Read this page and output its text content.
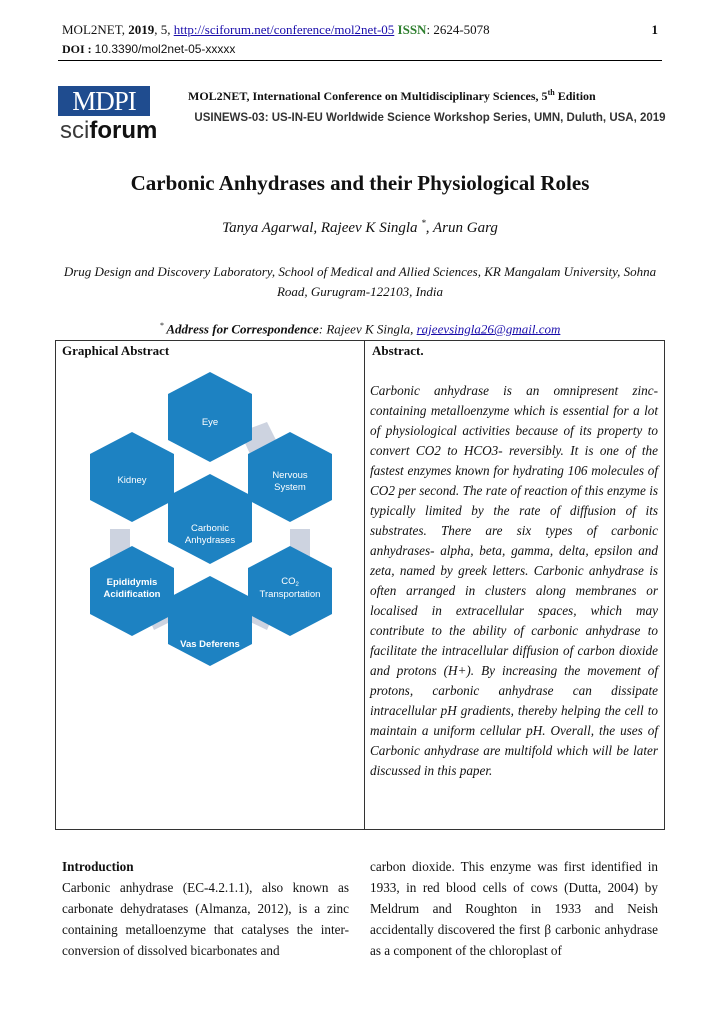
MOL2NET, 2019, 5, http://sciforum.net/conference/mol2net-05 ISSN: 2624-5078	1
DOI : 10.3390/mol2net-05-xxxxx
MDPI
sciforum
MOL2NET, International Conference on Multidisciplinary Sciences, 5th Edition
USINEWS-03: US-IN-EU Worldwide Science Workshop Series, UMN, Duluth, USA, 2019
Carbonic Anhydrases and their Physiological Roles
Tanya Agarwal, Rajeev K Singla *, Arun Garg
Drug Design and Discovery Laboratory, School of Medical and Allied Sciences, KR Mangalam University, Sohna Road, Gurugram-122103, India
* Address for Correspondence: Rajeev K Singla, rajeevsingla26@gmail.com
Graphical Abstract	Abstract.
Eye
Kidney	Nervous
System
Carbonic
Anhydrases
Epididymis
Acidification
$CO_2$
Transportation
Vas Deferens
Carbonic anhydrase is an omnipresent zinc-containing metalloenzyme which is essential for a lot of physiological activities because of its property to convert CO2 to HCO3- reversibly. It is one of the fastest enzymes known for hydrating 106 molecules of CO2 per second. The rate of reaction of this enzyme is typically limited by the rate of diffusion of its substrates. There are six types of carbonic anhydrases- alpha, beta, gamma, delta, epsilon and zeta, named by greek letters. Carbonic anhydrase is often arranged in clusters along membranes or localised in extracellular spaces, which may contribute to the ability of carbonic anhydrase to facilitate the intracellular diffusion of carbon dioxide and protons (H+). By increasing the movement of protons, carbonic anhydrase can dissipate intracellular pH gradients, thereby helping the cell to maintain a uniform cellular pH. Overall, the uses of Carbonic anhydrase are multifold which will be later discussed in this paper.

Introduction

Carbonic anhydrase (EC-4.2.1.1), also known as carbonate dehydratases (Almanza, 2012), is a zinc containing metalloenzyme that catalyses the inter-conversion of dissolved bicarbonates and

carbon dioxide. This enzyme was first identified in 1933, in red blood cells of cows (Dutta, 2004) by Meldrum and Roughton in 1933 and Neish accidentally discovered the first β carbonic anhydrase as a component of the chloroplast of
